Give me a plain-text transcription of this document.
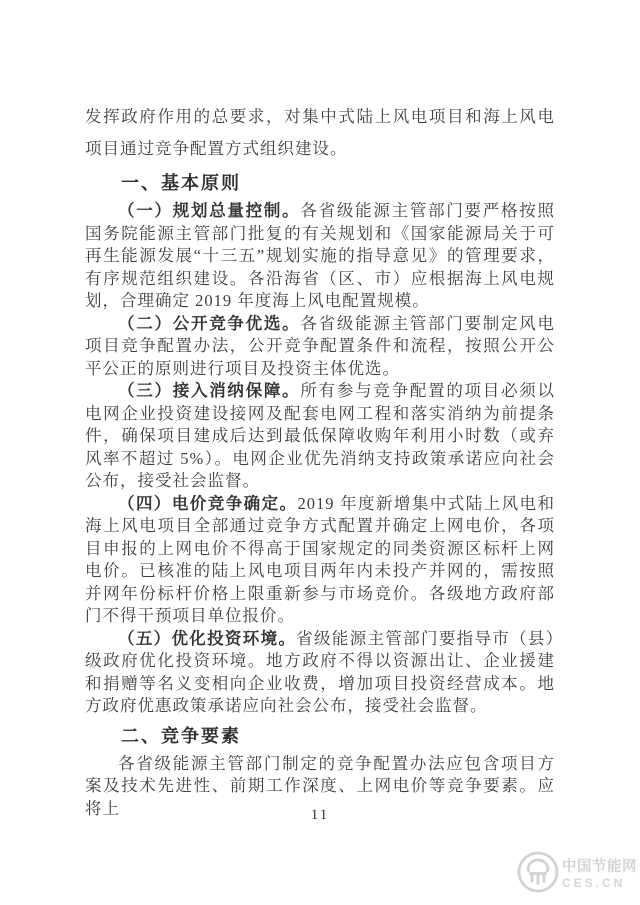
发挥政府作用的总要求，对集中式陆上风电项目和海上风电项目通过竞争配置方式组织建设。

一、基本原则

（一）规划总量控制。各省级能源主管部门要严格按照国务院能源主管部门批复的有关规划和《国家能源局关于可再生能源发展“十三五”规划实施的指导意见》的管理要求，有序规范组织建设。各沿海省（区、市）应根据海上风电规划，合理确定 2019 年度海上风电配置规模。

（二）公开竞争优选。各省级能源主管部门要制定风电项目竞争配置办法，公开竞争配置条件和流程，按照公开公平公正的原则进行项目及投资主体优选。

（三）接入消纳保障。所有参与竞争配置的项目必须以电网企业投资建设接网及配套电网工程和落实消纳为前提条件，确保项目建成后达到最低保障收购年利用小时数（或弃风率不超过 5%）。电网企业优先消纳支持政策承诺应向社会公布，接受社会监督。

（四）电价竞争确定。2019 年度新增集中式陆上风电和海上风电项目全部通过竞争方式配置并确定上网电价，各项目申报的上网电价不得高于国家规定的同类资源区标杆上网电价。已核准的陆上风电项目两年内未投产并网的，需按照并网年份标杆价格上限重新参与市场竞价。各级地方政府部门不得干预项目单位报价。

（五）优化投资环境。省级能源主管部门要指导市（县）级政府优化投资环境。地方政府不得以资源出让、企业援建和捐赠等名义变相向企业收费，增加项目投资经营成本。地方政府优惠政策承诺应向社会公布，接受社会监督。

二、竞争要素

各省级能源主管部门制定的竞争配置办法应包含项目方案及技术先进性、前期工作深度、上网电价等竞争要素。应将上	11
中国节能网
CES.CN
